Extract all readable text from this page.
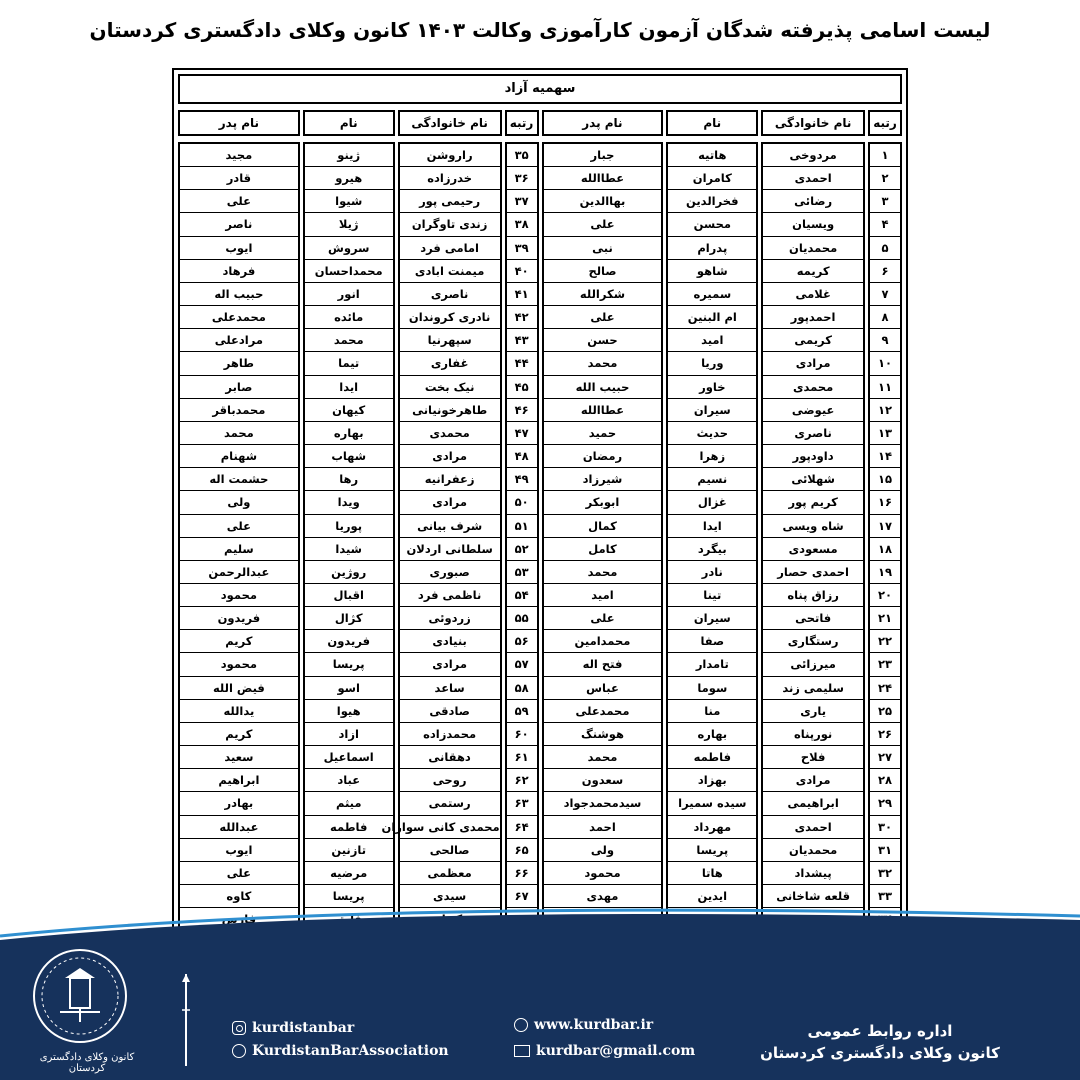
لیست اسامی پذیرفته شدگان آزمون کارآموزی وکالت ۱۴۰۳ کانون وکلای دادگستری کردستان
سهمیه آزاد
رتبه
نام خانوادگی
نام
نام پدر
رتبه
نام خانوادگی
نام
نام پدر
۱
۲
۳
۴
۵
۶
۷
۸
۹
۱۰
۱۱
۱۲
۱۳
۱۴
۱۵
۱۶
۱۷
۱۸
۱۹
۲۰
۲۱
۲۲
۲۳
۲۴
۲۵
۲۶
۲۷
۲۸
۲۹
۳۰
۳۱
۳۲
۳۳
مردوخی
احمدی
رضائی
ویسیان
محمدیان
کریمه
غلامی
احمدپور
کریمی
مرادی
محمدی
عیوضی
ناصری
داودپور
شهلائی
کریم پور
شاه ویسی
مسعودی
احمدی حصار
رزاق پناه
فاتحی
رستگاری
میرزائی
سلیمی زند
یاری
نورپناه
فلاح
مرادی
ابراهیمی
احمدی
محمدیان
پیشداد
قلعه شاخانی
هاتیه
کامران
فخرالدین
محسن
پدرام
شاهو
سمیره
ام البنین
امید
وریا
خاور
سیران
حدیث
زهرا
نسیم
غزال
ایدا
بیگرد
نادر
تینا
سیران
صفا
تامدار
سوما
منا
بهاره
فاطمه
بهزاد
سیده سمیرا
مهرداد
پریسا
هاتا
ایدین
جبار
عطاالله
بهاالدین
علی
نبی
صالح
شکرالله
علی
حسن
محمد
حبیب الله
عطاالله
حمید
رمضان
شیرزاد
ابوبکر
کمال
کامل
محمد
امید
علی
محمدامین
فتح اله
عباس
محمدعلی
هوشنگ
محمد
سعدون
سیدمحمدجواد
احمد
ولی
محمود
مهدی
۳۵
۳۶
۳۷
۳۸
۳۹
۴۰
۴۱
۴۲
۴۳
۴۴
۴۵
۴۶
۴۷
۴۸
۴۹
۵۰
۵۱
۵۲
۵۳
۵۴
۵۵
۵۶
۵۷
۵۸
۵۹
۶۰
۶۱
۶۲
۶۳
۶۴
۶۵
۶۶
۶۷
راروشن
خدرزاده
رحیمی پور
زندی تاوگران
امامی فرد
میمنت ابادی
ناصری
نادری کروندان
سپهرنیا
غفاری
نیک بخت
طاهرخونیانی
محمدی
مرادی
زعفرانیه
مرادی
شرف بیانی
سلطانی اردلان
صبوری
ناظمی فرد
زردوئی
بنیادی
مرادی
ساعد
صادقی
محمدزاده
دهقانی
روحی
رستمی
محمدی کانی سواران
صالحی
معظمی
سیدی
ژینو
هیرو
شیوا
ژیلا
سروش
محمداحسان
انور
مائده
محمد
تیما
ایدا
کیهان
بهاره
شهاب
رها
ویدا
پوریا
شیدا
روژین
اقبال
کژال
فریدون
پریسا
اسو
هیوا
ازاد
اسماعیل
عباد
میثم
فاطمه
تازنین
مرضیه
پریسا
مجید
قادر
علی
ناصر
ایوب
فرهاد
حبیب اله
محمدعلی
مرادعلی
طاهر
صابر
محمدباقر
محمد
شهنام
حشمت اله
ولی
علی
سلیم
عبدالرحمن
محمود
فریدون
کریم
محمود
فیض الله
یدالله
کریم
سعید
ابراهیم
بهادر
عبدالله
ایوب
علی
کاوه
فارس
کانون وکلای دادگستری کردستان
kurdistanbar
KurdistanBarAssociation
www.kurdbar.ir
kurdbar@gmail.com
اداره روابط عمومی
کانون وکلای دادگستری کردستان
